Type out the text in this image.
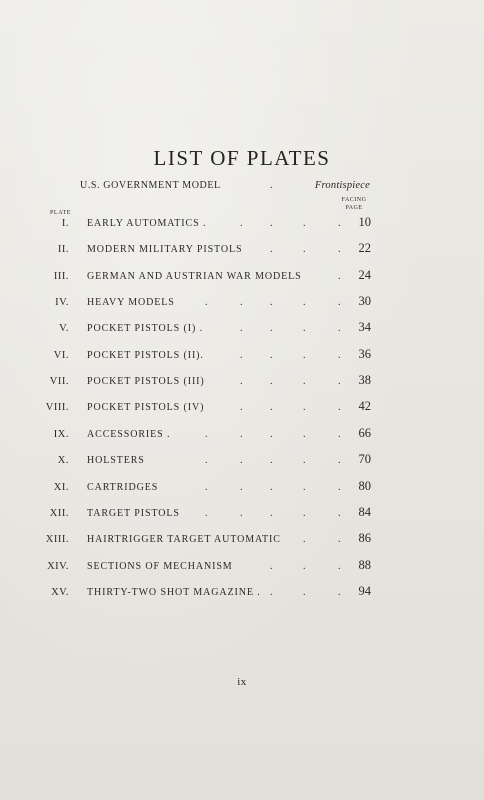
LIST OF PLATES
U.S. GOVERNMENT MODEL	.	Frontispiece
FACING
PAGE
PLATE
I. EARLY AUTOMATICS .	.	.	.	. 10
II. MODERN MILITARY PISTOLS	.	.	. 22
III. GERMAN AND AUSTRIAN WAR MODELS	. 24
IV. HEAVY MODELS	.	.	.	.	. 30
V. POCKET PISTOLS (I) .	.	.	.	. 34
VI. POCKET PISTOLS (II).	.	.	.	. 36
VII. POCKET PISTOLS (III)	.	.	.	. 38
VIII. POCKET PISTOLS (IV)	.	.	.	. 42
IX. ACCESSORIES .	.	.	.	.	. 66
X. HOLSTERS	.	.	.	.	. 70
XI. CARTRIDGES	.	.	.	.	. 80
XII. TARGET PISTOLS	.	.	.	.	. 84
XIII. HAIRTRIGGER TARGET AUTOMATIC .	. 86
XIV. SECTIONS OF MECHANISM	.	.	. 88
XV. THIRTY-TWO SHOT MAGAZINE . .	.	. 94
ix
